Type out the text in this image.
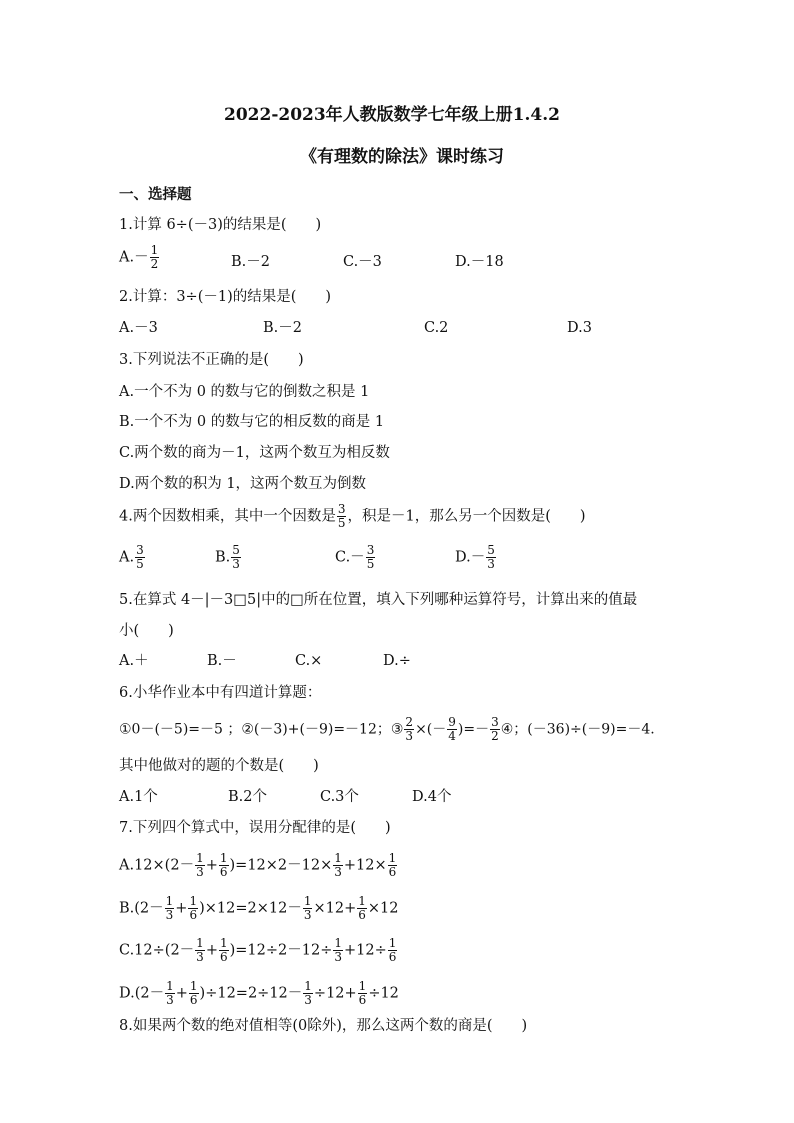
2022-2023年人教版数学七年级上册1.4.2
《有理数的除法》课时练习
一、选择题
1.计算 6÷(－3)的结果是(　　)
$A.- \frac{1}{2}$	B.－2	C.－3	D.－18
2.计算：3÷(－1)的结果是(　　)
A.－3	B.－2	C.2	D.3
3.下列说法不正确的是(　　)
A.一个不为 0 的数与它的倒数之积是 1
B.一个不为 0 的数与它的相反数的商是 1
C.两个数的商为－1，这两个数互为相反数
D.两个数的积为 1，这两个数互为倒数
4.两个因数相乘，其中一个因数是 $\frac{3}{5}$ ，积是－1，那么另一个因数是(　　)
A. $\frac{3}{5}$	B. $\frac{5}{3}$	$C.- \frac{3}{5}$	$D.- \frac{5}{3}$
5.在算式 4－|－3□5|中的□所在位置，填入下列哪种运算符号，计算出来的值最
小(　　)
A.＋	B.－	C.×	D.÷
6.小华作业本中有四道计算题：
①0－(－5)=－5 ；②(－3)+(－9)=－12；③ $\frac{2}{3}$ ×(－ $\frac{9}{4}$ )=－ $\frac{3}{2}$ ④；(－36)÷(－9)=－4.
其中他做对的题的个数是(　　)
A.1个	B.2个	C.3个	D.4个
7.下列四个算式中，误用分配律的是(　　)
$A.12\times(2- \frac{1}{3} + \frac{1}{6} )=12\times 2-12\times \frac{1}{3} +12\times \frac{1}{6}$
$B.(2- \frac{1}{3} + \frac{1}{6} )\times 12=2\times 12- \frac{1}{3} \times 12+ \frac{1}{6} \times 12$
$C.12\div(2- \frac{1}{3} + \frac{1}{6} )=12\div 2-12\div \frac{1}{3} +12\div \frac{1}{6}$
$D.(2- \frac{1}{3} + \frac{1}{6} )\div 12=2\div 12- \frac{1}{3} \div 12+ \frac{1}{6} \div 12$
8.如果两个数的绝对值相等(0除外)，那么这两个数的商是(　　)
